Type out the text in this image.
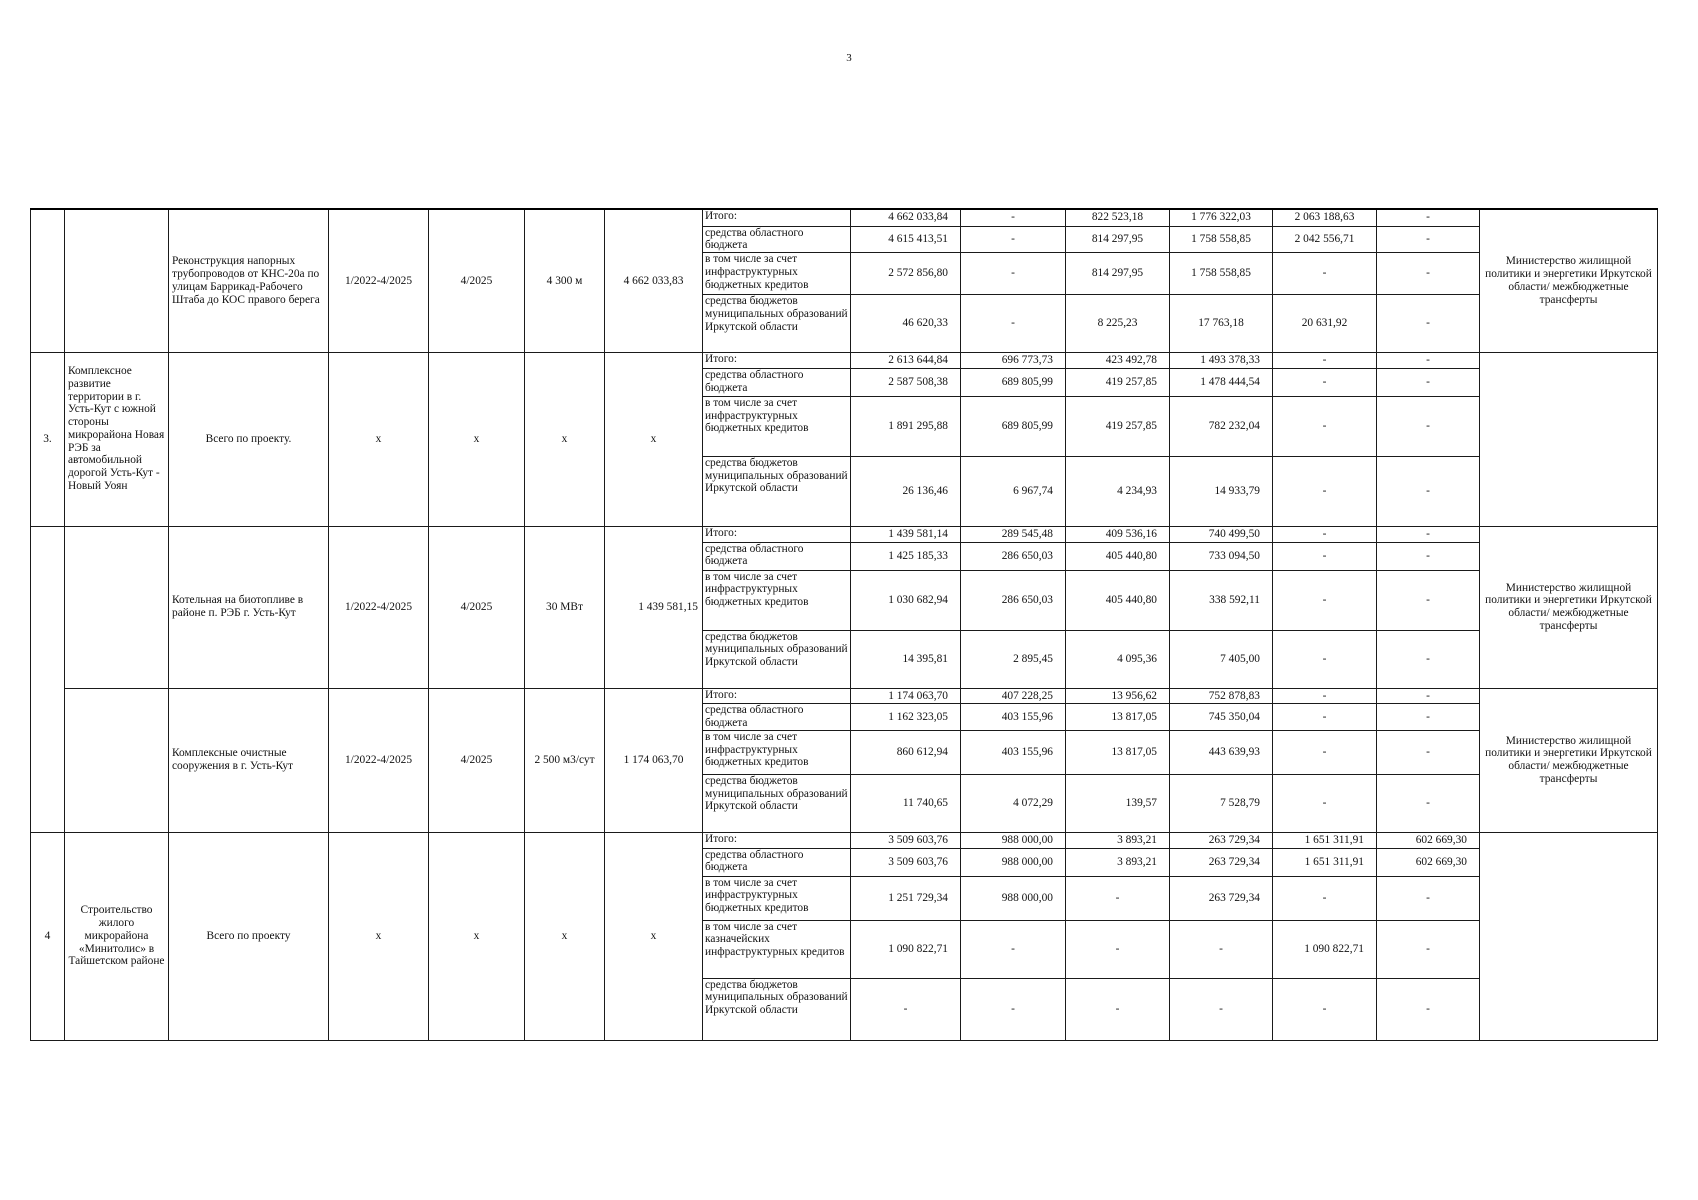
3
		Реконструкция напорных трубопроводов от КНС-20а по улицам Баррикад-Рабочего Штаба до КОС правого берега	1/2022-4/2025	4/2025	4 300 м	4 662 033,83	Итого:	4 662 033,84	-	822 523,18	1 776 322,03	2 063 188,63	-	Министерство жилищной политики и энергетики Иркутской области/ межбюджетные трансферты
							средства областного бюджета	4 615 413,51	-	814 297,95	1 758 558,85	2 042 556,71	-	
							в том числе за счет инфраструктурных бюджетных кредитов	2 572 856,80	-	814 297,95	1 758 558,85	-	-	
							средства бюджетов муниципальных образований Иркутской области	46 620,33	-	8 225,23	17 763,18	20 631,92	-	
3.	Комплексное развитие территории в г. Усть-Кут с южной стороны микрорайона Новая РЭБ за автомобильной дорогой Усть-Кут - Новый Уоян	Всего по проекту.	x	x	x	x	Итого:	2 613 644,84	696 773,73	423 492,78	1 493 378,33	-	-	
							средства областного бюджета	2 587 508,38	689 805,99	419 257,85	1 478 444,54	-	-	
							в том числе за счет инфраструктурных бюджетных кредитов	1 891 295,88	689 805,99	419 257,85	782 232,04	-	-	
							средства бюджетов муниципальных образований Иркутской области	26 136,46	6 967,74	4 234,93	14 933,79	-	-	
		Котельная на биотопливе в районе п. РЭБ г. Усть-Кут	1/2022-4/2025	4/2025	30 МВт	1 439 581,15	Итого:	1 439 581,14	289 545,48	409 536,16	740 499,50	-	-	Министерство жилищной политики и энергетики Иркутской области/ межбюджетные трансферты
							средства областного бюджета	1 425 185,33	286 650,03	405 440,80	733 094,50	-	-	
							в том числе за счет инфраструктурных бюджетных кредитов	1 030 682,94	286 650,03	405 440,80	338 592,11	-	-	
							средства бюджетов муниципальных образований Иркутской области	14 395,81	2 895,45	4 095,36	7 405,00	-	-	
		Комплексные очистные сооружения в г. Усть-Кут	1/2022-4/2025	4/2025	2 500 м3/сут	1 174 063,70	Итого:	1 174 063,70	407 228,25	13 956,62	752 878,83	-	-	Министерство жилищной политики и энергетики Иркутской области/ межбюджетные трансферты
							средства областного бюджета	1 162 323,05	403 155,96	13 817,05	745 350,04	-	-	
							в том числе за счет инфраструктурных бюджетных кредитов	860 612,94	403 155,96	13 817,05	443 639,93	-	-	
							средства бюджетов муниципальных образований Иркутской области	11 740,65	4 072,29	139,57	7 528,79	-	-	
4	Строительство жилого микрорайона «Минитолис» в Тайшетском районе	Всего по проекту	x	x	x	x	Итого:	3 509 603,76	988 000,00	3 893,21	263 729,34	1 651 311,91	602 669,30	
							средства областного бюджета	3 509 603,76	988 000,00	3 893,21	263 729,34	1 651 311,91	602 669,30	
							в том числе за счет инфраструктурных бюджетных кредитов	1 251 729,34	988 000,00	-	263 729,34	-	-	
							в том числе за счет казначейских инфраструктурных кредитов	1 090 822,71	-	-	-	1 090 822,71	-	
							средства бюджетов муниципальных образований Иркутской области	-	-	-	-	-	-	
